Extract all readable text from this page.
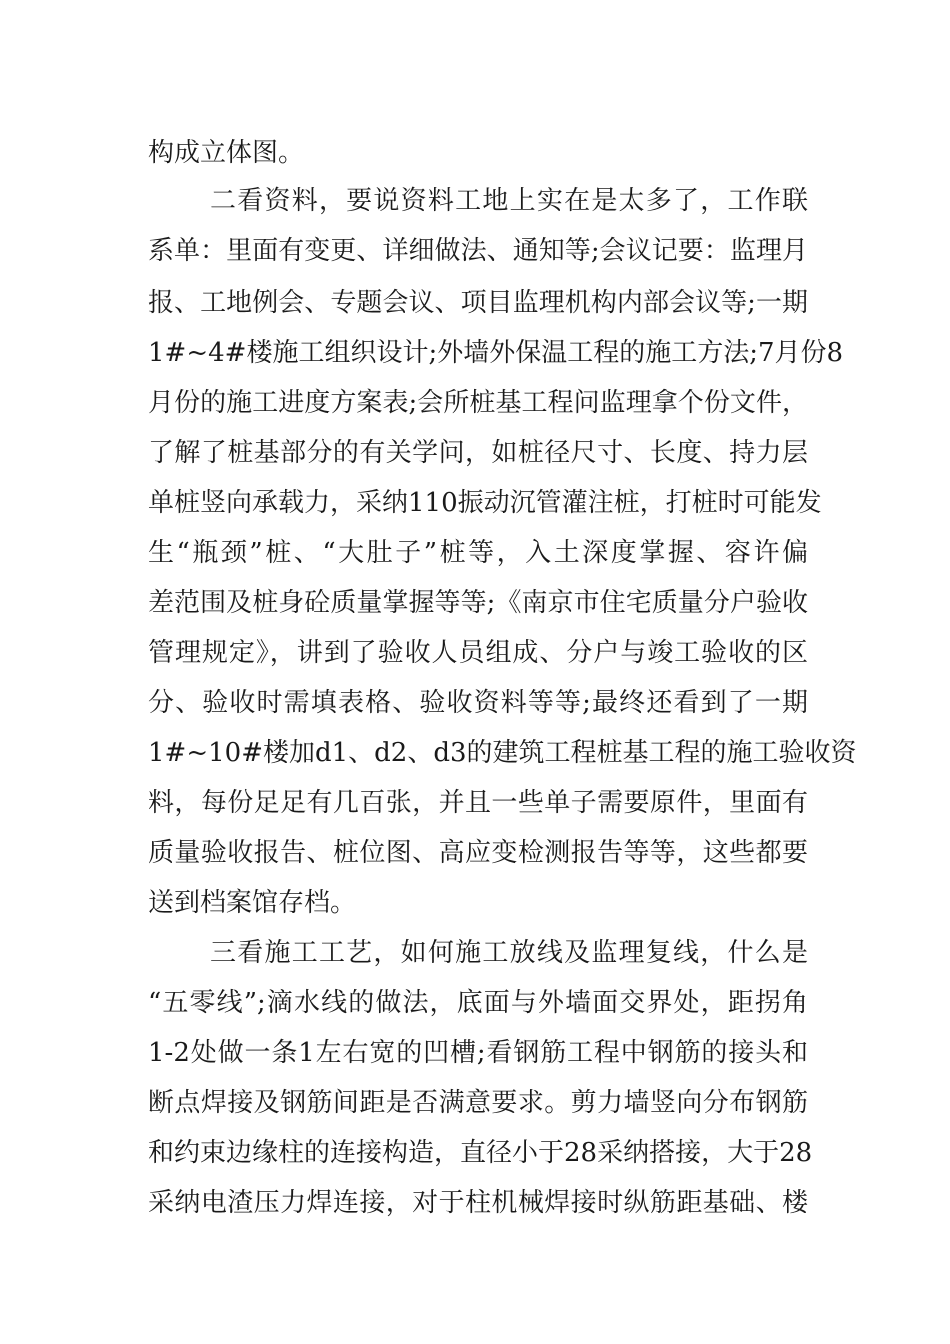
构成立体图。
二看资料，要说资料工地上实在是太多了，工作联
系单：里面有变更、详细做法、通知等;会议记要：监理月
报、工地例会、专题会议、项目监理机构内部会议等;一期
1#~4#楼施工组织设计;外墙外保温工程的施工方法;7月份8
月份的施工进度方案表;会所桩基工程问监理拿个份文件，
了解了桩基部分的有关学问，如桩径尺寸、长度、持力层
单桩竖向承载力，采纳110振动沉管灌注桩，打桩时可能发
生“瓶颈”桩、“大肚子”桩等，入土深度掌握、容许偏
差范围及桩身砼质量掌握等等;《南京市住宅质量分户验收
管理规定》，讲到了验收人员组成、分户与竣工验收的区
分、验收时需填表格、验收资料等等;最终还看到了一期
1#~10#楼加d1、d2、d3的建筑工程桩基工程的施工验收资
料，每份足足有几百张，并且一些单子需要原件，里面有
质量验收报告、桩位图、高应变检测报告等等，这些都要
送到档案馆存档。
三看施工工艺，如何施工放线及监理复线，什么是
“五零线”;滴水线的做法，底面与外墙面交界处，距拐角
1-2处做一条1左右宽的凹槽;看钢筋工程中钢筋的接头和
断点焊接及钢筋间距是否满意要求。剪力墙竖向分布钢筋
和约束边缘柱的连接构造，直径小于28采纳搭接，大于28
采纳电渣压力焊连接，对于柱机械焊接时纵筋距基础、楼
